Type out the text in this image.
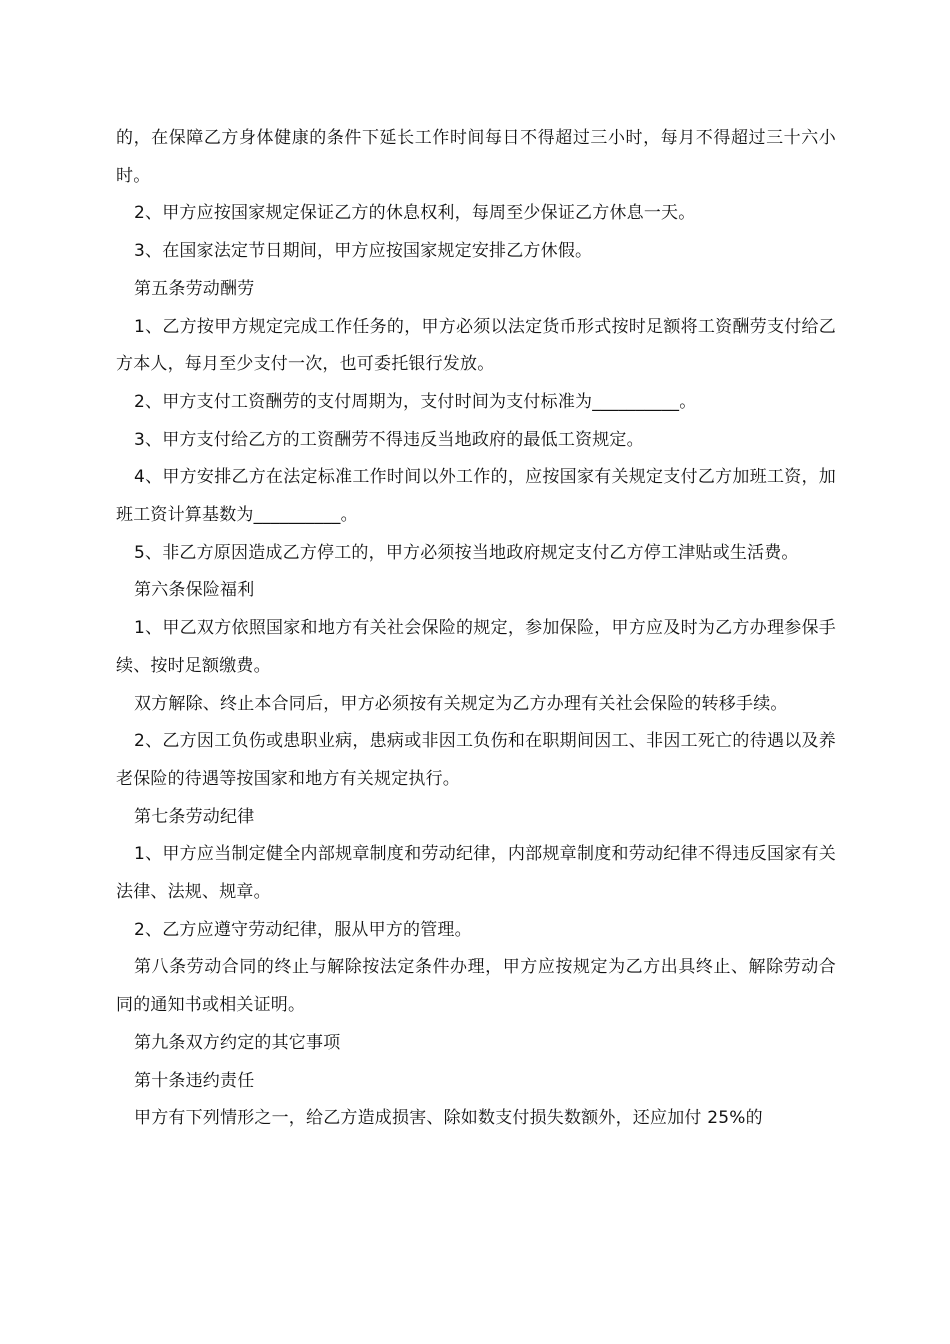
的，在保障乙方身体健康的条件下延长工作时间每日不得超过三小时，每月不得超过三十六小时。

2、甲方应按国家规定保证乙方的休息权利，每周至少保证乙方休息一天。

3、在国家法定节日期间，甲方应按国家规定安排乙方休假。

第五条劳动酬劳

1、乙方按甲方规定完成工作任务的，甲方必须以法定货币形式按时足额将工资酬劳支付给乙方本人，每月至少支付一次，也可委托银行发放。

2、甲方支付工资酬劳的支付周期为，支付时间为支付标准为__________。

3、甲方支付给乙方的工资酬劳不得违反当地政府的最低工资规定。

4、甲方安排乙方在法定标准工作时间以外工作的，应按国家有关规定支付乙方加班工资，加班工资计算基数为__________。

5、非乙方原因造成乙方停工的，甲方必须按当地政府规定支付乙方停工津贴或生活费。

第六条保险福利

1、甲乙双方依照国家和地方有关社会保险的规定，参加保险，甲方应及时为乙方办理参保手续、按时足额缴费。

双方解除、终止本合同后，甲方必须按有关规定为乙方办理有关社会保险的转移手续。

2、乙方因工负伤或患职业病，患病或非因工负伤和在职期间因工、非因工死亡的待遇以及养老保险的待遇等按国家和地方有关规定执行。

第七条劳动纪律

1、甲方应当制定健全内部规章制度和劳动纪律，内部规章制度和劳动纪律不得违反国家有关法律、法规、规章。

2、乙方应遵守劳动纪律，服从甲方的管理。

第八条劳动合同的终止与解除按法定条件办理，甲方应按规定为乙方出具终止、解除劳动合同的通知书或相关证明。

第九条双方约定的其它事项

第十条违约责任

甲方有下列情形之一，给乙方造成损害、除如数支付损失数额外，还应加付 25%的
